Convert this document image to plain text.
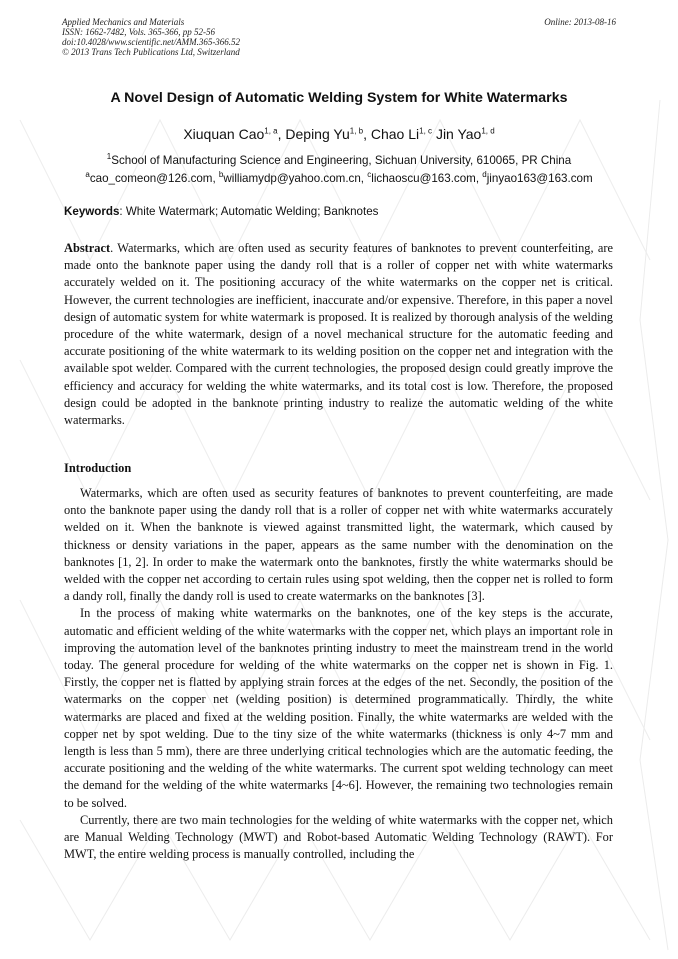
Applied Mechanics and Materials
ISSN: 1662-7482, Vols. 365-366, pp 52-56
doi:10.4028/www.scientific.net/AMM.365-366.52
© 2013 Trans Tech Publications Ltd, Switzerland
Online: 2013-08-16
A Novel Design of Automatic Welding System for White Watermarks
Xiuquan Cao$^{1, a}$, Deping Yu$^{1, b}$, Chao Li$^{1, c}$ Jin Yao$^{1, d}$
$^1$School of Manufacturing Science and Engineering, Sichuan University, 610065, PR China
$^a$cao_comeon@126.com, $^b$williamydp@yahoo.com.cn, $^c$lichaoscu@163.com, $^d$jinyao163@163.com
Keywords: White Watermark; Automatic Welding; Banknotes
Abstract. Watermarks, which are often used as security features of banknotes to prevent counterfeiting, are made onto the banknote paper using the dandy roll that is a roller of copper net with white watermarks accurately welded on it. The positioning accuracy of the white watermarks on the copper net is critical. However, the current technologies are inefficient, inaccurate and/or expensive. Therefore, in this paper a novel design of automatic system for white watermark is proposed. It is realized by thorough analysis of the welding procedure of the white watermark, design of a novel mechanical structure for the automatic feeding and accurate positioning of the white watermark to its welding position on the copper net and integration with the available spot welder. Compared with the current technologies, the proposed design could greatly improve the efficiency and accuracy for welding the white watermarks, and its total cost is low. Therefore, the proposed design could be adopted in the banknote printing industry to realize the automatic welding of the white watermarks.
Introduction

Watermarks, which are often used as security features of banknotes to prevent counterfeiting, are made onto the banknote paper using the dandy roll that is a roller of copper net with white watermarks accurately welded on it. When the banknote is viewed against transmitted light, the watermark, which caused by thickness or density variations in the paper, appears as the same number with the denomination on the banknotes [1, 2]. In order to make the watermark onto the banknotes, firstly the white watermarks should be welded with the copper net according to certain rules using spot welding, then the copper net is rolled to form a dandy roll, finally the dandy roll is used to create watermarks on the banknotes [3].

In the process of making white watermarks on the banknotes, one of the key steps is the accurate, automatic and efficient welding of the white watermarks with the copper net, which plays an important role in improving the automation level of the banknotes printing industry to meet the mainstream trend in the world today. The general procedure for welding of the white watermarks on the copper net is shown in Fig. 1. Firstly, the copper net is flatted by applying strain forces at the edges of the net. Secondly, the position of the watermarks on the copper net (welding position) is determined programmatically. Thirdly, the white watermarks are placed and fixed at the welding position. Finally, the white watermarks are welded with the copper net by spot welding. Due to the tiny size of the white watermarks (thickness is only 4~7 mm and length is less than 5 mm), there are three underlying critical technologies which are the automatic feeding, the accurate positioning and the welding of the white watermarks. The current spot welding technology can meet the demand for the welding of the white watermarks [4~6]. However, the remaining two technologies remain to be solved.

Currently, there are two main technologies for the welding of white watermarks with the copper net, which are Manual Welding Technology (MWT) and Robot-based Automatic Welding Technology (RAWT). For MWT, the entire welding process is manually controlled, including the
